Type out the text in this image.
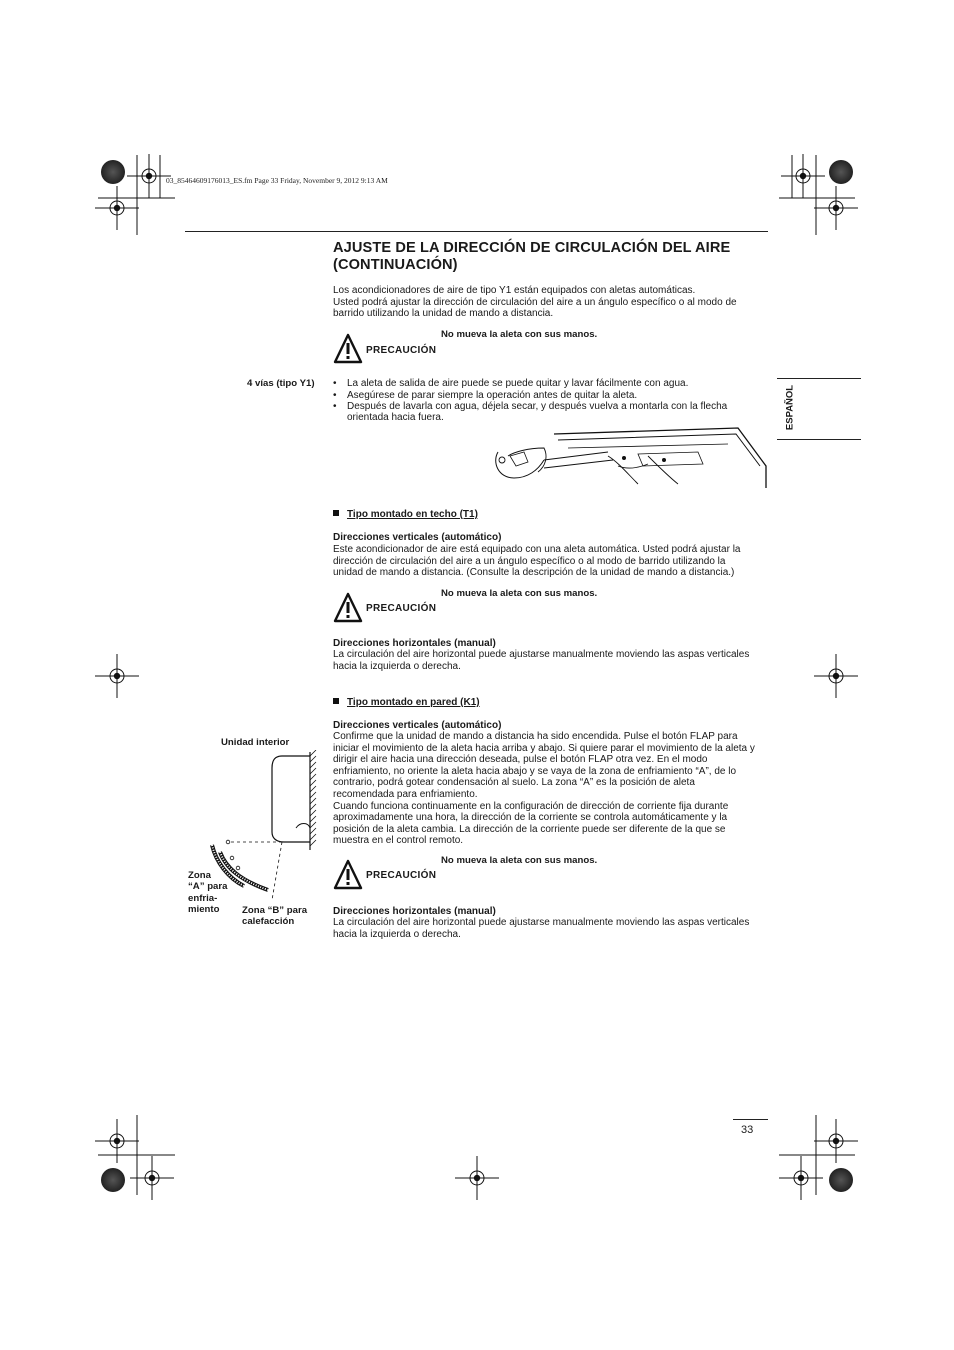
03_85464609176013_ES.fm Page 33 Friday, November 9, 2012 9:13 AM
AJUSTE DE LA DIRECCIÓN DE CIRCULACIÓN DEL AIRE
(CONTINUACIÓN)
Los acondicionadores de aire de tipo Y1 están equipados con aletas automáticas.
Usted podrá ajustar la dirección de circulación del aire a un ángulo específico o al modo de
barrido utilizando la unidad de mando a distancia.
No mueva la aleta con sus manos.
PRECAUCIÓN
ESPAÑOL
4 vías (tipo Y1)
•	La aleta de salida de aire puede se puede quitar y lavar fácilmente con agua.
• Asegúrese de parar siempre la operación antes de quitar la aleta.
• Después de lavarla con agua, déjela secar, y después vuelva a montarla con la flecha
orientada hacia fuera.
Tipo montado en techo (T1)
Direcciones verticales (automático)
Este acondicionador de aire está equipado con una aleta automática. Usted podrá ajustar la
dirección de circulación del aire a un ángulo específico o al modo de barrido utilizando la
unidad de mando a distancia. (Consulte la descripción de la unidad de mando a distancia.)
No mueva la aleta con sus manos.
PRECAUCIÓN
Direcciones horizontales (manual)
La circulación del aire horizontal puede ajustarse manualmente moviendo las aspas verticales
hacia la izquierda o derecha.
Tipo montado en pared (K1)
Direcciones verticales (automático)
Confirme que la unidad de mando a distancia ha sido encendida. Pulse el botón FLAP para
iniciar el movimiento de la aleta hacia arriba y abajo. Si quiere parar el movimiento de la aleta y
dirigir el aire hacia una dirección deseada, pulse el botón FLAP otra vez. En el modo
enfriamiento, no oriente la aleta hacia abajo y se vaya de la zona de enfriamiento “A”, de lo
contrario, podrá gotear condensación al suelo. La zona “A” es la posición de aleta
recomendada para enfriamiento.
Cuando funciona continuamente en la configuración de dirección de corriente fija durante
aproximadamente una hora, la dirección de la corriente se controla automáticamente y la
posición de la aleta cambia. La dirección de la corriente puede ser diferente de la que se
muestra en el control remoto.
No mueva la aleta con sus manos.
PRECAUCIÓN
Direcciones horizontales (manual)
La circulación del aire horizontal puede ajustarse manualmente moviendo las aspas verticales
hacia la izquierda o derecha.
Unidad interior
Zona
“A” para
enfria-
miento	Zona “B” para
calefacción
33
